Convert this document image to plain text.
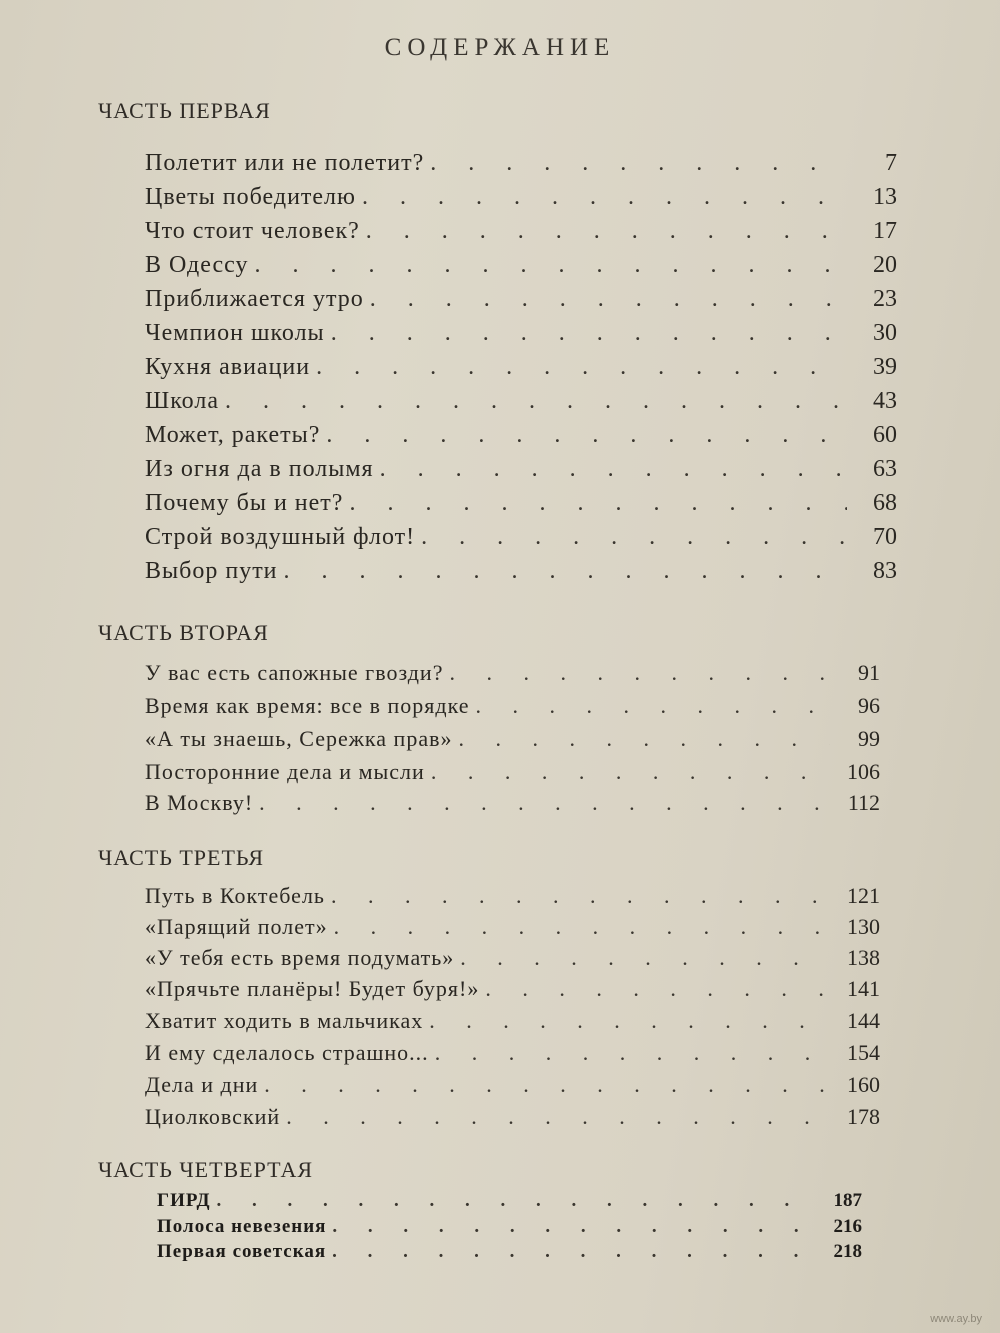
СОДЕРЖАНИЕ
ЧАСТЬ ПЕРВАЯ
Полетит или не полетит? . . .	7
Цветы победителю . . .	13
Что стоит человек? . . .	17
В Одессу . . .	20
Приближается утро . . .	23
Чемпион школы . . .	30
Кухня авиации . . .	39
Школа . . .	43
Может, ракеты? . . .	60
Из огня да в полымя . . .	63
Почему бы и нет? . . .	68
Строй воздушный флот! . . .	70
Выбор пути . . .	83
ЧАСТЬ ВТОРАЯ
У вас есть сапожные гвозди? . . .	91
Время как время: все в порядке . . .	96
«А ты знаешь, Сережка прав» . . .	99
Посторонние дела и мысли . . .	106
В Москву! . . .	112
ЧАСТЬ ТРЕТЬЯ
Путь в Коктебель . . .	121
«Парящий полет» . . .	130
«У тебя есть время подумать» . . .	138
«Прячьте планёры! Будет буря!» . . .	141
Хватит ходить в мальчиках . . .	144
И ему сделалось страшно... . . .	154
Дела и дни . . .	160
Циолковский . . .	178
ЧАСТЬ ЧЕТВЕРТАЯ
ГИРД . . .	187
Полоса невезения . . .	216
Первая советская . . .	218
www.ay.by
